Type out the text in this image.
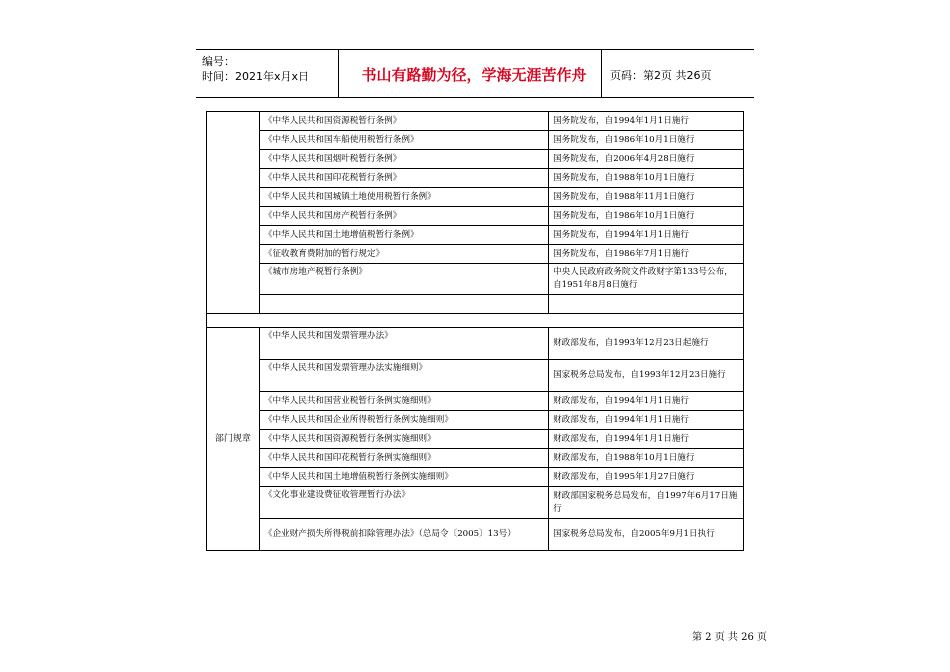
编号：
时间：2021年x月x日	书山有路勤为径，学海无涯苦作舟	页码：第2页 共26页
	《中华人民共和国资源税暂行条例》	国务院发布，自1994年1月1日施行
	《中华人民共和国车船使用税暂行条例》	国务院发布，自1986年10月1日施行
	《中华人民共和国烟叶税暂行条例》	国务院发布，自2006年4月28日施行
	《中华人民共和国印花税暂行条例》	国务院发布，自1988年10月1日施行
	《中华人民共和国城镇土地使用税暂行条例》	国务院发布，自1988年11月1日施行
	《中华人民共和国房产税暂行条例》	国务院发布，自1986年10月1日施行
	《中华人民共和国土地增值税暂行条例》	国务院发布，自1994年1月1日施行
	《征收教育费附加的暂行规定》	国务院发布，自1986年7月1日施行
	《城市房地产税暂行条例》	中央人民政府政务院文件政财字第133号公布，自1951年8月8日施行

部门规章	《中华人民共和国发票管理办法》	财政部发布，自1993年12月23日起施行
	《中华人民共和国发票管理办法实施细则》	国家税务总局发布，自1993年12月23日施行
	《中华人民共和国营业税暂行条例实施细则》	财政部发布，自1994年1月1日施行
	《中华人民共和国企业所得税暂行条例实施细则》	财政部发布，自1994年1月1日施行
	《中华人民共和国资源税暂行条例实施细则》	财政部发布，自1994年1月1日施行
	《中华人民共和国印花税暂行条例实施细则》	财政部发布，自1988年10月1日施行
	《中华人民共和国土地增值税暂行条例实施细则》	财政部发布，自1995年1月27日施行
	《文化事业建设费征收管理暂行办法》	财政部国家税务总局发布，自1997年6月17日施行
	《企业财产损失所得税前扣除管理办法》（总局令〔2005〕13号）	国家税务总局发布，自2005年9月1日执行
第 2 页 共 26 页
